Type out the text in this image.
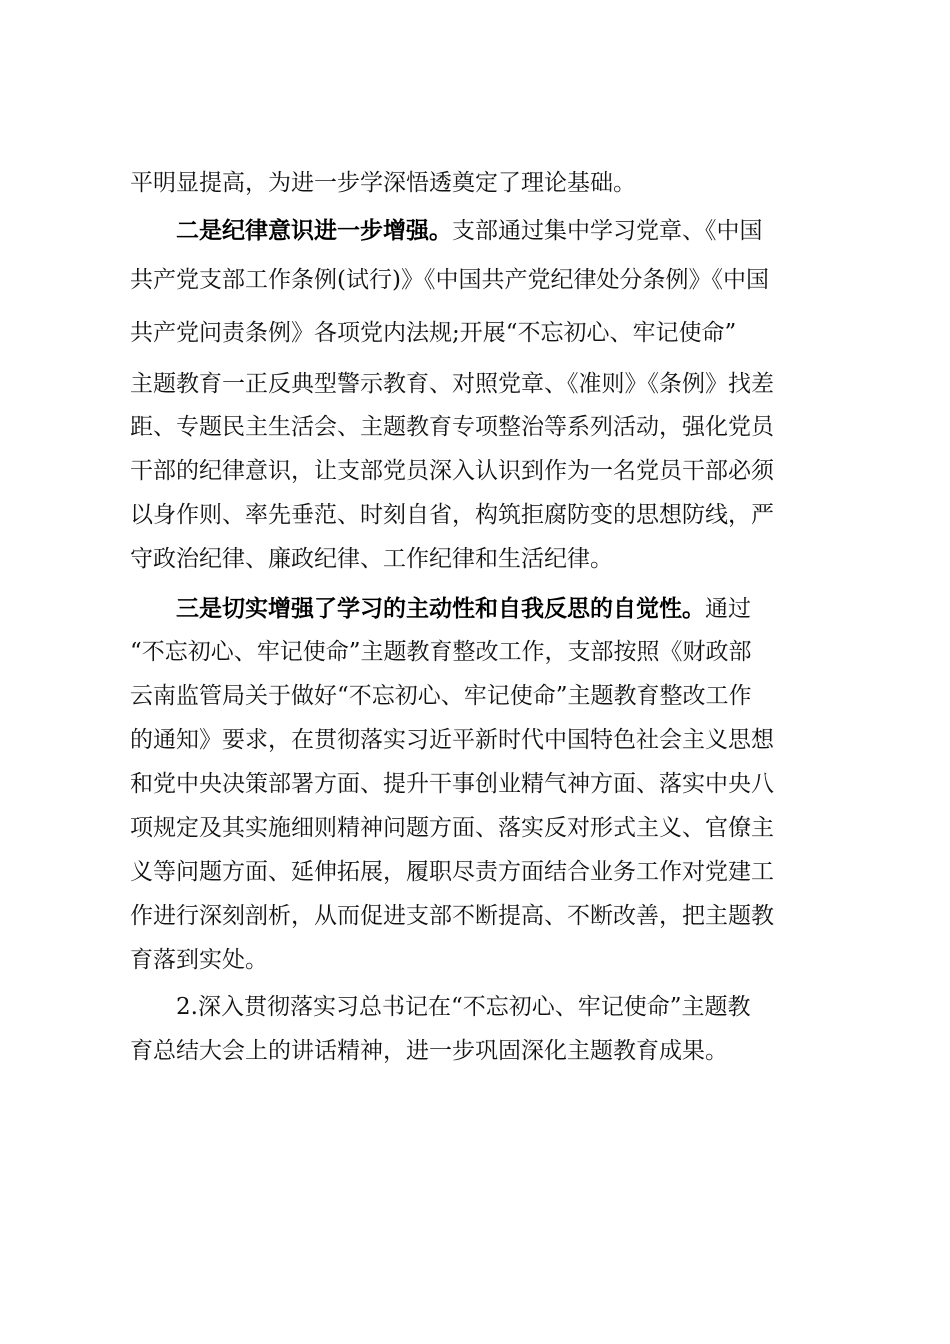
平明显提高，为进一步学深悟透奠定了理论基础。
二是纪律意识进一步增强。支部通过集中学习党章、《中国
共产党支部工作条例(试行)》《中国共产党纪律处分条例》《中国
共产党问责条例》各项党内法规;开展“不忘初心、牢记使命”
主题教育一正反典型警示教育、对照党章、《准则》《条例》找差
距、专题民主生活会、主题教育专项整治等系列活动，强化党员
干部的纪律意识，让支部党员深入认识到作为一名党员干部必须
以身作则、率先垂范、时刻自省，构筑拒腐防变的思想防线，严
守政治纪律、廉政纪律、工作纪律和生活纪律。
三是切实增强了学习的主动性和自我反思的自觉性。通过
“不忘初心、牢记使命”主题教育整改工作，支部按照《财政部
云南监管局关于做好“不忘初心、牢记使命”主题教育整改工作
的通知》要求，在贯彻落实习近平新时代中国特色社会主义思想
和党中央决策部署方面、提升干事创业精气神方面、落实中央八
项规定及其实施细则精神问题方面、落实反对形式主义、官僚主
义等问题方面、延伸拓展，履职尽责方面结合业务工作对党建工
作进行深刻剖析，从而促进支部不断提高、不断改善，把主题教
育落到实处。
2.深入贯彻落实习总书记在“不忘初心、牢记使命”主题教
育总结大会上的讲话精神，进一步巩固深化主题教育成果。
